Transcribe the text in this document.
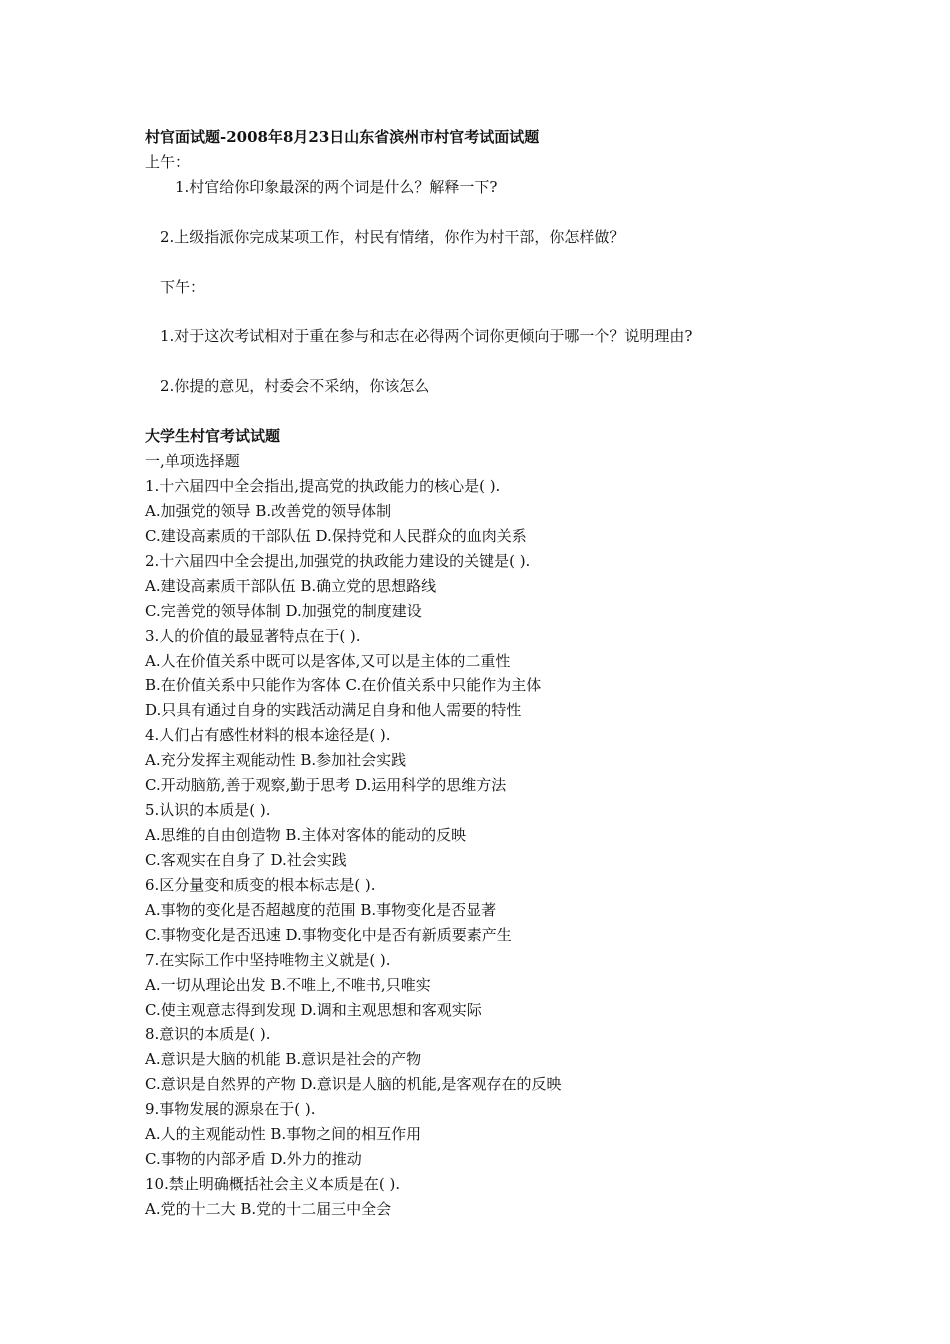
村官面试题-2008年8月23日山东省滨州市村官考试面试题

上午：

1.村官给你印象最深的两个词是什么？解释一下?

2.上级指派你完成某项工作，村民有情绪，你作为村干部，你怎样做？

下午：

1.对于这次考试相对于重在参与和志在必得两个词你更倾向于哪一个？说明理由?

2.你提的意见，村委会不采纳，你该怎么

大学生村官考试试题

一,单项选择题

1.十六届四中全会指出,提高党的执政能力的核心是( ).

A.加强党的领导 B.改善党的领导体制

C.建设高素质的干部队伍 D.保持党和人民群众的血肉关系

2.十六届四中全会提出,加强党的执政能力建设的关键是( ).

A.建设高素质干部队伍 B.确立党的思想路线

C.完善党的领导体制 D.加强党的制度建设

3.人的价值的最显著特点在于( ).

A.人在价值关系中既可以是客体,又可以是主体的二重性

B.在价值关系中只能作为客体 C.在价值关系中只能作为主体

D.只具有通过自身的实践活动满足自身和他人需要的特性

4.人们占有感性材料的根本途径是( ).

A.充分发挥主观能动性 B.参加社会实践

C.开动脑筋,善于观察,勤于思考 D.运用科学的思维方法

5.认识的本质是( ).

A.思维的自由创造物 B.主体对客体的能动的反映

C.客观实在自身了 D.社会实践

6.区分量变和质变的根本标志是( ).

A.事物的变化是否超越度的范围 B.事物变化是否显著

C.事物变化是否迅速 D.事物变化中是否有新质要素产生

7.在实际工作中坚持唯物主义就是( ).

A.一切从理论出发 B.不唯上,不唯书,只唯实

C.使主观意志得到发现 D.调和主观思想和客观实际

8.意识的本质是( ).

A.意识是大脑的机能 B.意识是社会的产物

C.意识是自然界的产物 D.意识是人脑的机能,是客观存在的反映

9.事物发展的源泉在于( ).

A.人的主观能动性 B.事物之间的相互作用

C.事物的内部矛盾 D.外力的推动

10.禁止明确概括社会主义本质是在( ).

A.党的十二大 B.党的十二届三中全会
